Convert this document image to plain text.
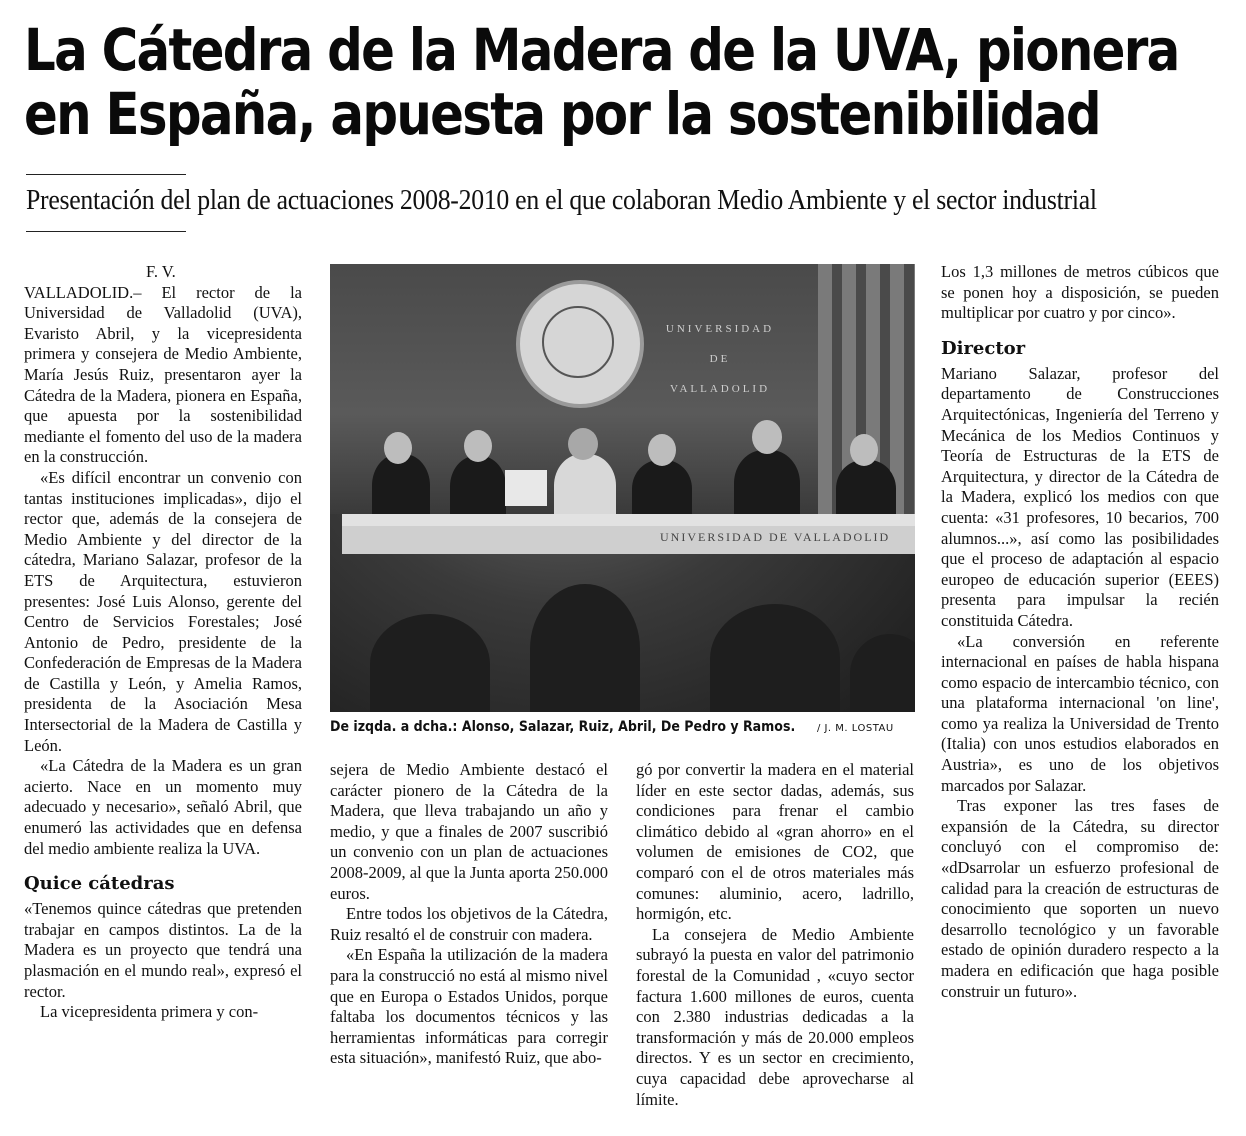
La Cátedra de la Madera de la UVA, pionera
en España, apuesta por la sostenibilidad

Presentación del plan de actuaciones 2008-2010 en el que colaboran Medio Ambiente y el sector industrial

F. V.

VALLADOLID.– El rector de la Universidad de Valladolid (UVA), Evaristo Abril, y la vicepresidenta primera y consejera de Medio Ambiente, María Jesús Ruiz, presentaron ayer la Cátedra de la Madera, pionera en España, que apuesta por la sostenibilidad mediante el fomento del uso de la madera en la construcción.

«Es difícil encontrar un convenio con tantas instituciones implicadas», dijo el rector que, además de la consejera de Medio Ambiente y del director de la cátedra, Mariano Salazar, profesor de la ETS de Arquitectura, estuvieron presentes: José Luis Alonso, gerente del Centro de Servicios Forestales; José Antonio de Pedro, presidente de la Confederación de Empresas de la Madera de Castilla y León, y Amelia Ramos, presidenta de la Asociación Mesa Intersectorial de la Madera de Castilla y León.

«La Cátedra de la Madera es un gran acierto. Nace en un momento muy adecuado y necesario», señaló Abril, que enumeró las actividades que en defensa del medio ambiente realiza la UVA.

Quice cátedras

«Tenemos quince cátedras que pretenden trabajar en campos distintos. La de la Madera es un proyecto que tendrá una plasmación en el mundo real», expresó el rector.

La vicepresidenta primera y con-

UNIVERSIDAD
DE
VALLADOLID
UNIVERSIDAD DE VALLADOLID
De izqda. a dcha.: Alonso, Salazar, Ruiz, Abril, De Pedro y Ramos. / J. M. LOSTAU

sejera de Medio Ambiente destacó el carácter pionero de la Cátedra de la Madera, que lleva trabajando un año y medio, y que a finales de 2007 suscribió un convenio con un plan de actuaciones 2008-2009, al que la Junta aporta 250.000 euros.

Entre todos los objetivos de la Cátedra, Ruiz resaltó el de construir con madera.

«En España la utilización de la madera para la construcció no está al mismo nivel que en Europa o Estados Unidos, porque faltaba los documentos técnicos y las herramientas informáticas para corregir esta situación», manifestó Ruiz, que abo-

gó por convertir la madera en el material líder en este sector dadas, además, sus condiciones para frenar el cambio climático debido al «gran ahorro» en el volumen de emisiones de CO2, que comparó con el de otros materiales más comunes: aluminio, acero, ladrillo, hormigón, etc.

La consejera de Medio Ambiente subrayó la puesta en valor del patrimonio forestal de la Comunidad , «cuyo sector factura 1.600 millones de euros, cuenta con 2.380 industrias dedicadas a la transformación y más de 20.000 empleos directos. Y es un sector en crecimiento, cuya capacidad debe aprovecharse al límite.

Los 1,3 millones de metros cúbicos que se ponen hoy a disposición, se pueden multiplicar por cuatro y por cinco».

Director

Mariano Salazar, profesor del departamento de Construcciones Arquitectónicas, Ingeniería del Terreno y Mecánica de los Medios Continuos y Teoría de Estructuras de la ETS de Arquitectura, y director de la Cátedra de la Madera, explicó los medios con que cuenta: «31 profesores, 10 becarios, 700 alumnos...», así como las posibilidades que el proceso de adaptación al espacio europeo de educación superior (EEES) presenta para impulsar la recién constituida Cátedra.

«La conversión en referente internacional en países de habla hispana como espacio de intercambio técnico, con una plataforma internacional 'on line', como ya realiza la Universidad de Trento (Italia) con unos estudios elaborados en Austria», es uno de los objetivos marcados por Salazar.

Tras exponer las tres fases de expansión de la Cátedra, su director concluyó con el compromiso de: «dDsarrolar un esfuerzo profesional de calidad para la creación de estructuras de conocimiento que soporten un nuevo desarrollo tecnológico y un favorable estado de opinión duradero respecto a la madera en edificación que haga posible construir un futuro».
